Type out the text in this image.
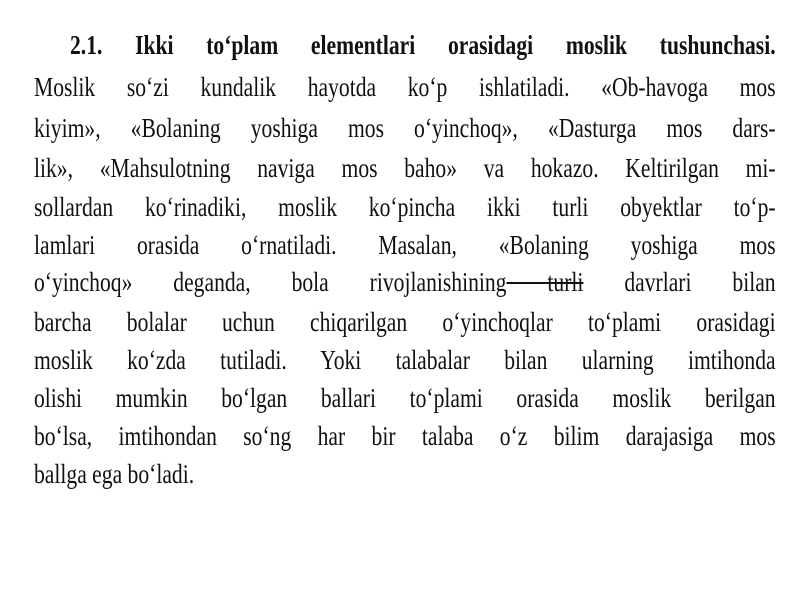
2.1. Ikki to‘plam elementlari orasidagi moslik tushunchasi.
Moslik so‘zi kundalik hayotda ko‘p ishlatiladi. «Ob-havoga mos
kiyim», «Bolaning yoshiga mos o‘yinchoq», «Dasturga mos dars-
lik», «Mahsulotning naviga mos baho» va hokazo. Keltirilgan mi-
sollardan ko‘rinadiki, moslik ko‘pincha ikki turli obyektlar to‘p-
lamlari orasida o‘rnatiladi. Masalan, «Bolaning yoshiga mos
o‘yinchoq» deganda, bola rivojlanishining turli davrlari bilan
barcha bolalar uchun chiqarilgan o‘yinchoqlar to‘plami orasidagi
moslik ko‘zda tutiladi. Yoki talabalar bilan ularning imtihonda
olishi mumkin bo‘lgan ballari to‘plami orasida moslik berilgan
bo‘lsa, imtihondan so‘ng har bir talaba o‘z bilim darajasiga mos
ballga ega bo‘ladi.
